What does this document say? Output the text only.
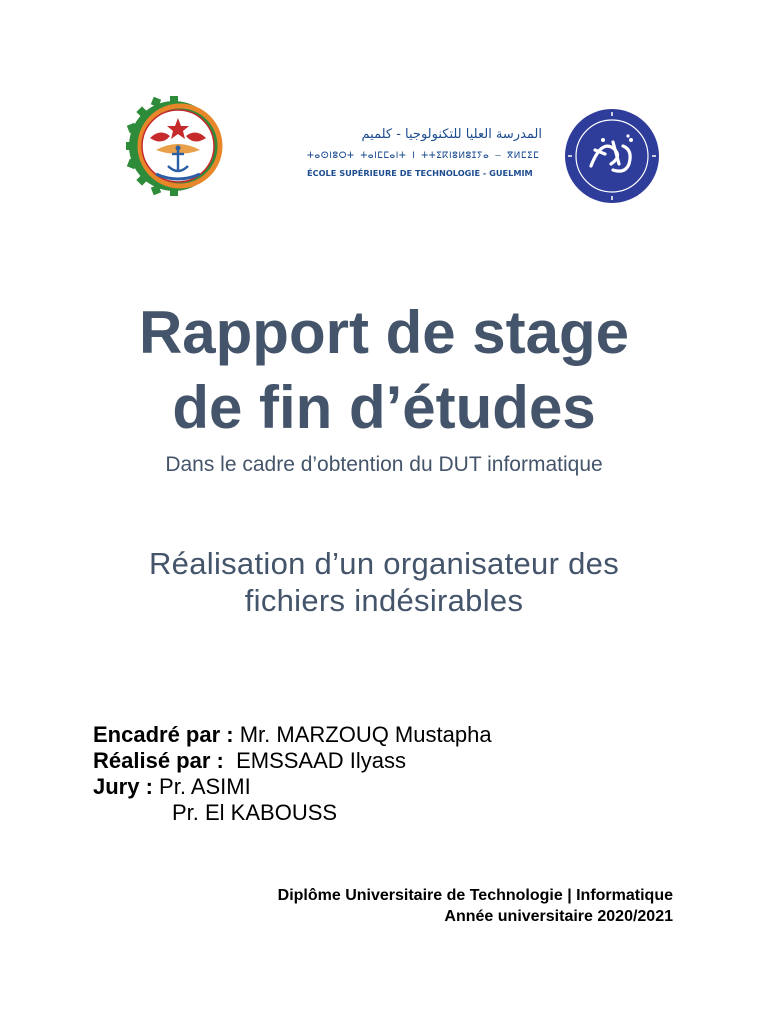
المدرسة العليا للتكنولوجيا - كلميم
ⵜⴰⵙⵏⵓⵔⵜ ⵜⴰⵏⵎⵎⴰⵏⵜ ⵏ ⵜⵜⵉⴽⵏⵓⵍⵓⵊⵢⴰ – ⴳⵍⵎⵉⵎ
ÉCOLE SUPÉRIEURE DE TECHNOLOGIE - GUELMIM
Rapport de stage
de fin d’études
Dans le cadre d’obtention du DUT informatique
Réalisation d’un organisateur des
fichiers indésirables
Encadré par : Mr. MARZOUQ Mustapha
Réalisé par :  EMSSAAD Ilyass
Jury : Pr. ASIMI
Pr. El KABOUSS
Diplôme Universitaire de Technologie | Informatique
Année universitaire 2020/2021
